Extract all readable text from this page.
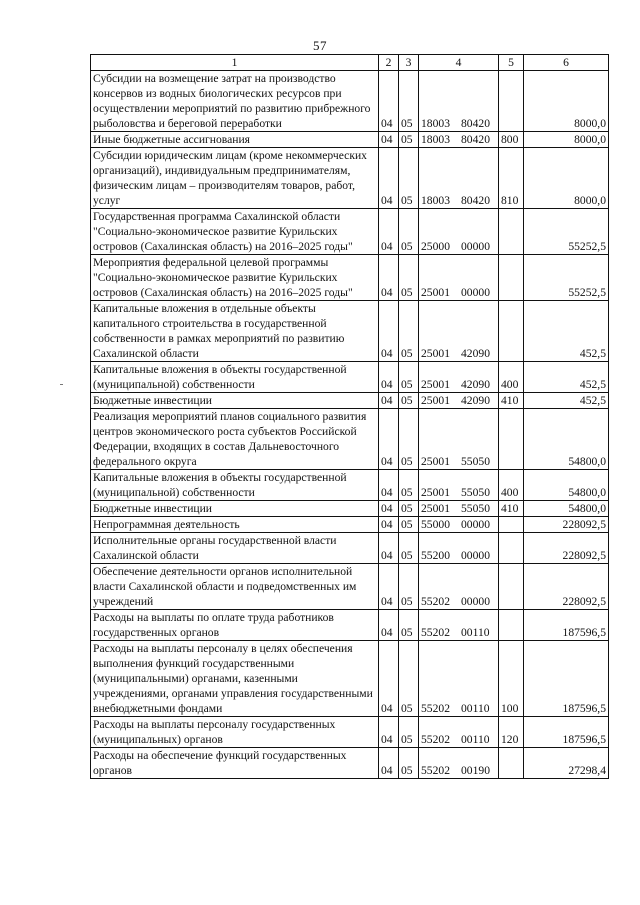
57
1	2	3	4	5	6
Субсидии на возмещение затрат на производство консервов из водных биологических ресурсов при осуществлении мероприятий по развитию прибрежного рыболовства и береговой переработки	04	05	18003 80420		8000,0
Иные бюджетные ассигнования	04	05	18003 80420	800	8000,0
Субсидии юридическим лицам (кроме некоммерческих организаций), индивидуальным предпринимателям, физическим лицам – производителям товаров, работ, услуг	04	05	18003 80420	810	8000,0
Государственная программа Сахалинской области "Социально-экономическое развитие Курильских островов (Сахалинская область) на 2016–2025 годы"	04	05	25000 00000		55252,5
Мероприятия федеральной целевой программы "Социально-экономическое развитие Курильских островов (Сахалинская область) на 2016–2025 годы"	04	05	25001 00000		55252,5
Капитальные вложения в отдельные объекты капитального строительства в государственной собственности в рамках мероприятий по развитию Сахалинской области	04	05	25001 42090		452,5
Капитальные вложения в объекты государственной (муниципальной) собственности	04	05	25001 42090	400	452,5
Бюджетные инвестиции	04	05	25001 42090	410	452,5
Реализация мероприятий планов социального развития центров экономического роста субъектов Российской Федерации, входящих в состав Дальневосточного федерального округа	04	05	25001 55050		54800,0
Капитальные вложения в объекты государственной (муниципальной) собственности	04	05	25001 55050	400	54800,0
Бюджетные инвестиции	04	05	25001 55050	410	54800,0
Непрограммная деятельность	04	05	55000 00000		228092,5
Исполнительные органы государственной власти Сахалинской области	04	05	55200 00000		228092,5
Обеспечение деятельности органов исполнительной власти Сахалинской области и подведомственных им учреждений	04	05	55202 00000		228092,5
Расходы на выплаты по оплате труда работников государственных органов	04	05	55202 00110		187596,5
Расходы на выплаты персоналу в целях обеспечения выполнения функций государственными (муниципальными) органами, казенными учреждениями, органами управления государственными внебюджетными фондами	04	05	55202 00110	100	187596,5
Расходы на выплаты персоналу государственных (муниципальных) органов	04	05	55202 00110	120	187596,5
Расходы на обеспечение функций государственных органов	04	05	55202 00190		27298,4
